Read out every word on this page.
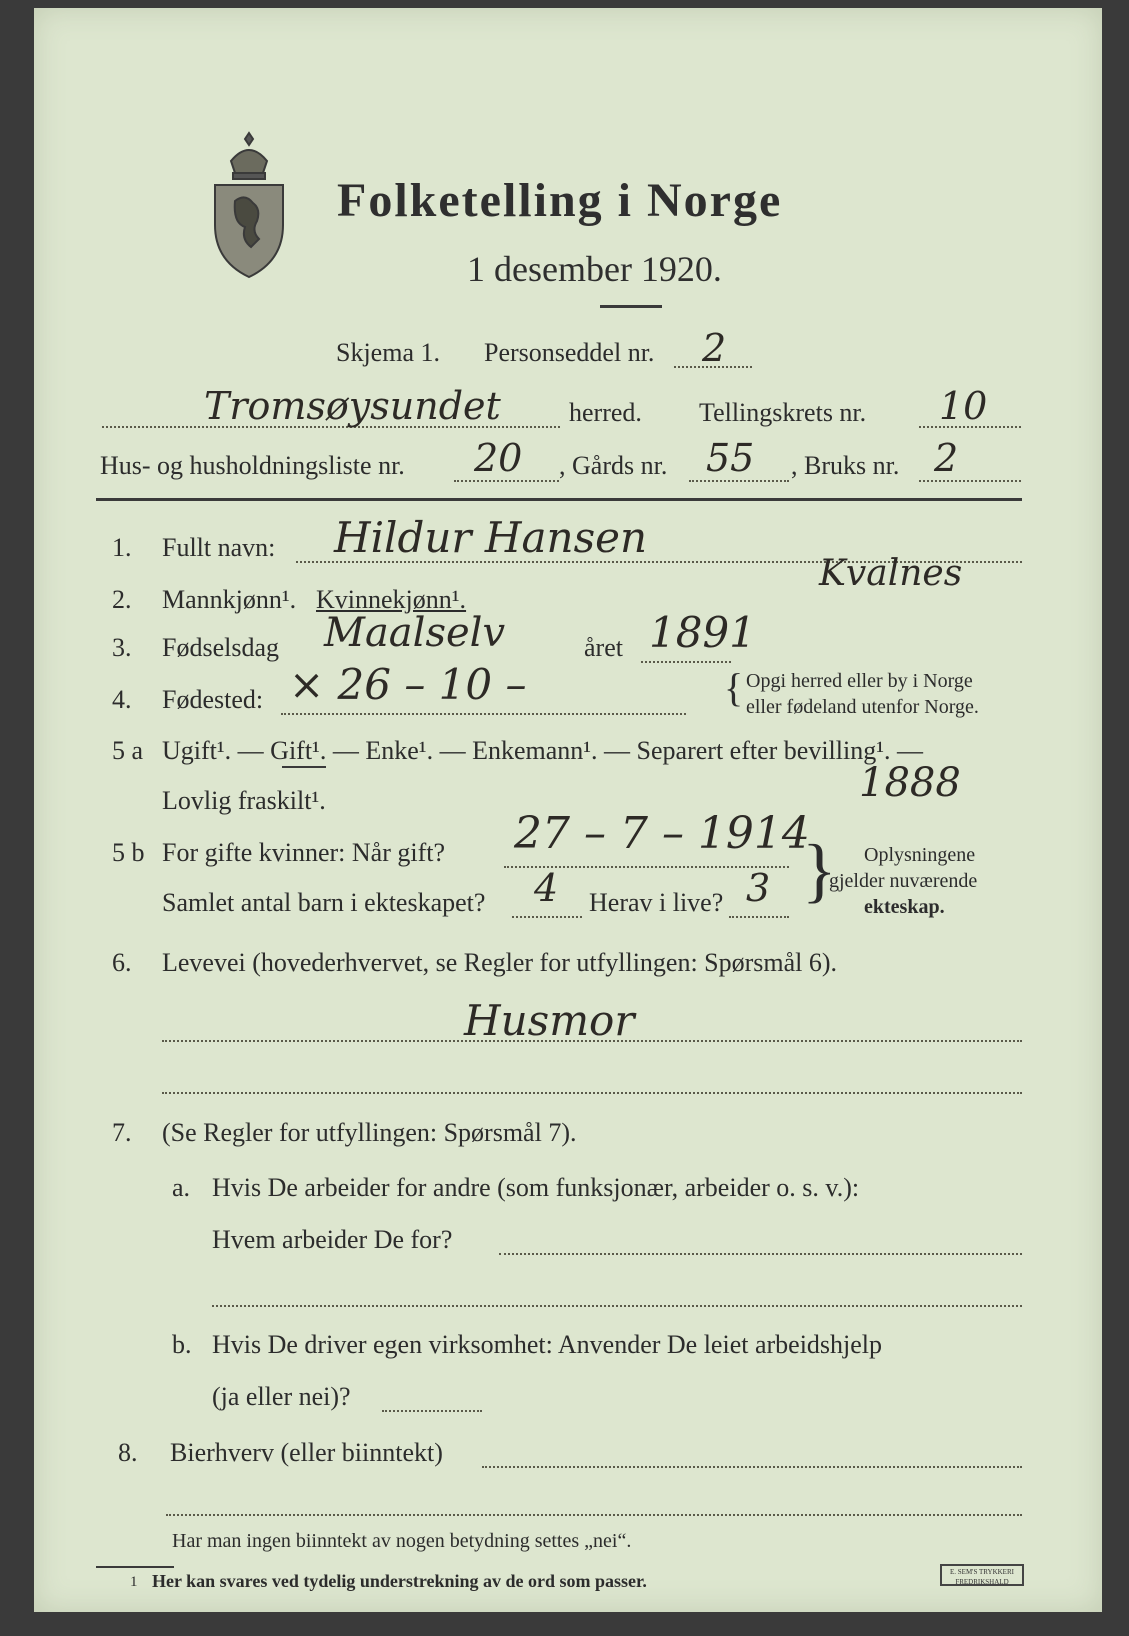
Folketelling i Norge
1 desember 1920.
Skjema 1. Personseddel nr. 2
Tromsøysundet	herred. Tellingskrets nr. 10
Hus- og husholdningsliste nr. 20 , Gårds nr. 55 , Bruks nr. 2
1. Fullt navn: Hildur Hansen
Kvalnes
2. Mannkjønn¹. Kvinnekjønn¹.
3. Fødselsdag Maalselv	året 1891
4. Fødested: × 26 – 10 –	{ Opgi herred eller by i Norge
eller fødeland utenfor Norge.
5 a Ugift¹. — Gift¹. — Enke¹. — Enkemann¹. — Separert efter bevilling¹. —
Lovlig fraskilt¹.	1888
5 b For gifte kvinner: Når gift? 27 – 7 – 1914
Samlet antal barn i ekteskapet? 4 Herav i live? 3 } Oplysningene
gjelder nuværende
ekteskap.
6. Levevei (hovederhvervet, se Regler for utfyllingen: Spørsmål 6).
Husmor
7. (Se Regler for utfyllingen: Spørsmål 7).
a. Hvis De arbeider for andre (som funksjonær, arbeider o. s. v.):
Hvem arbeider De for?
b. Hvis De driver egen virksomhet: Anvender De leiet arbeidshjelp
(ja eller nei)?
8. Bierhverv (eller biinntekt)
Har man ingen biinntekt av nogen betydning settes „nei“.
1 Her kan svares ved tydelig understrekning av de ord som passer.	E. SEM'S TRYKKERI FREDRIKSHALD
